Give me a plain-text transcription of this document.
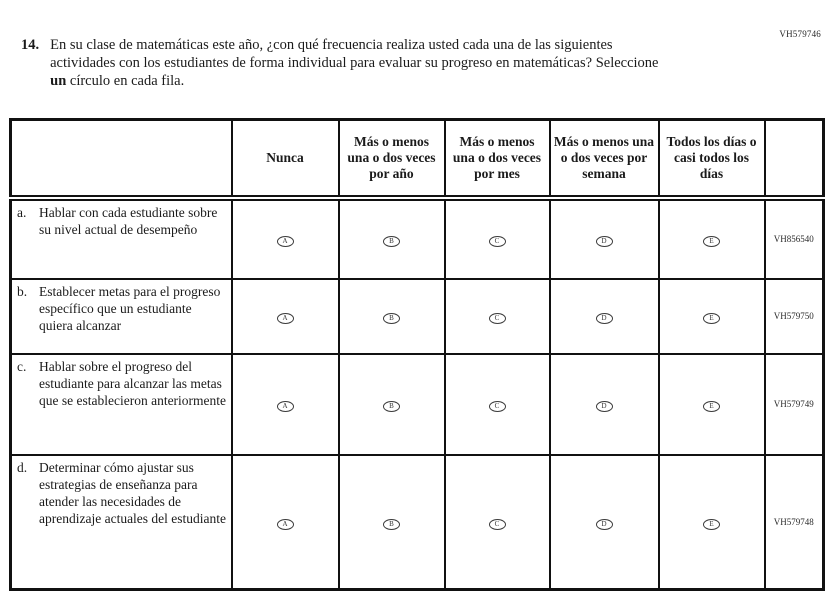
VH579746
14. En su clase de matemáticas este año, ¿con qué frecuencia realiza usted cada una de las siguientes actividades con los estudiantes de forma individual para evaluar su progreso en matemáticas? Seleccione un círculo en cada fila.

	Nunca	Más o menos una o dos veces por año	Más o menos una o dos veces por mes	Más o menos una o dos veces por semana	Todos los días o casi todos los días	

a. Hablar con cada estudiante sobre su nivel actual de desempeño	A	B	C	D	E	VH856540

b. Establecer metas para el progreso específico que un estudiante quiera alcanzar	A	B	C	D	E	VH579750

c. Hablar sobre el progreso del estudiante para alcanzar las metas que se establecieron anteriormente	A	B	C	D	E	VH579749

d. Determinar cómo ajustar sus estrategias de enseñanza para atender las necesidades de aprendizaje actuales del estudiante	A	B	C	D	E	VH579748
